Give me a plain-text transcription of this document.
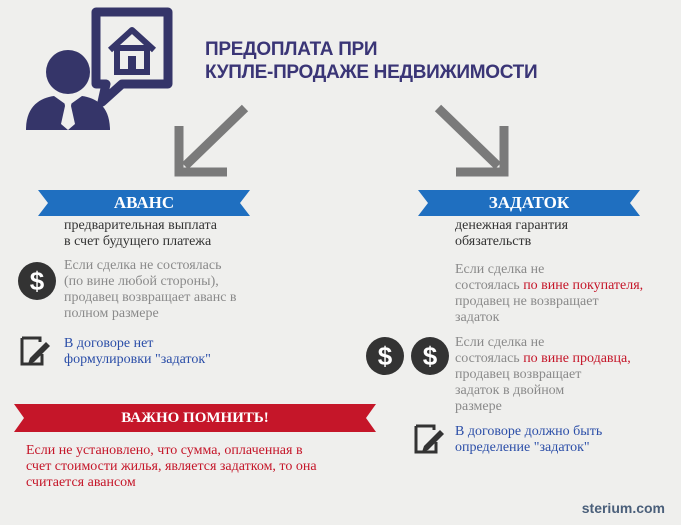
ПРЕДОПЛАТА ПРИ
КУПЛЕ-ПРОДАЖЕ НЕДВИЖИМОСТИ
АВАНС	ЗАДАТОК
предварительная выплата
в счет будущего платежа
денежная гарантия
обязательств
$
Если сделка не состоялась
(по вине любой стороны),
продавец возвращает аванс в
полном размере
В договоре нет
формулировки "задаток"
Если сделка не
состоялась по вине покупателя,
продавец не возвращает
задаток
$	$	Если сделка не
состоялась по вине продавца,
продавец возвращает
задаток в двойном
размере
В договоре должно быть
определение "задаток"
ВАЖНО ПОМНИТЬ!
Если не установлено, что сумма, оплаченная в
счет стоимости жилья, является задатком, то она
считается авансом
sterium.com
